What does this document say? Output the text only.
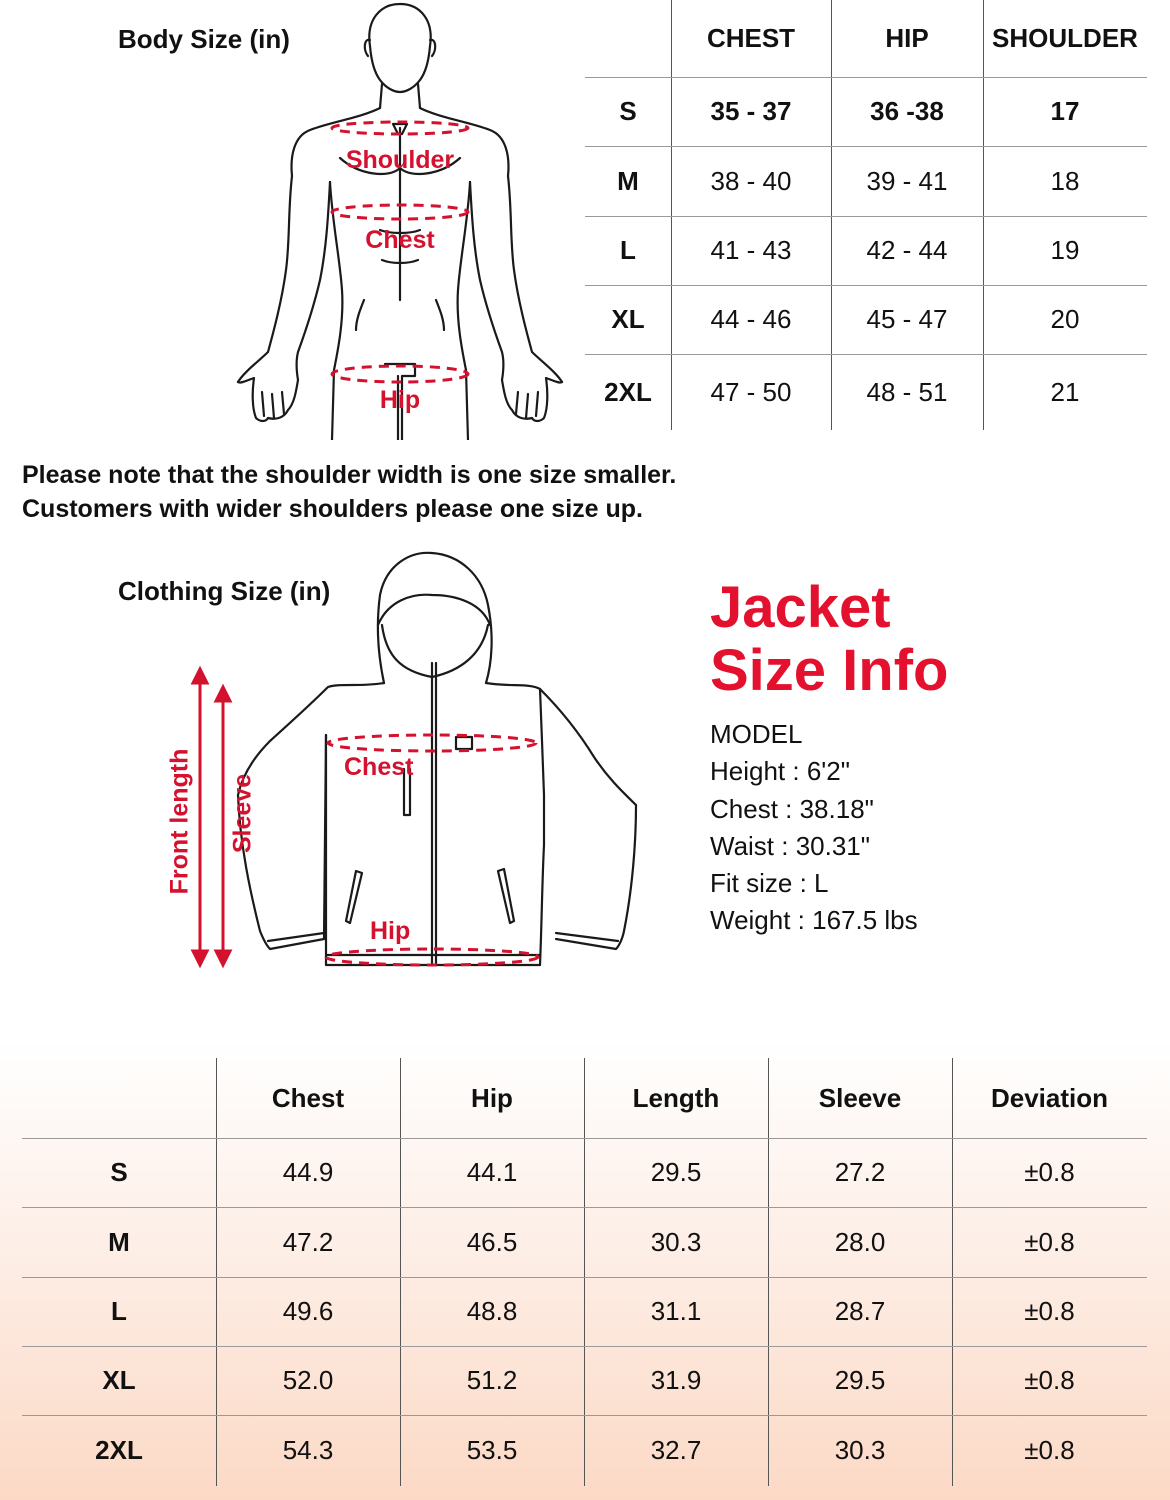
Body Size (in)
Shoulder
Chest
Hip
CHEST	HIP	SHOULDER
S	35 - 37	36 -38	17
M	38 - 40	39 - 41	18
L	41 - 43	42 - 44	19
XL	44 - 46	45 - 47	20
2XL	47 - 50	48 - 51	21
Please note that the shoulder width is one size smaller.
Customers with wider shoulders please one size up.
Clothing Size (in)
Chest
Hip
Front length Sleeve
Jacket
Size Info
MODEL
Height : 6'2"
Chest : 38.18"
Waist : 30.31"
Fit size : L
Weight : 167.5 lbs
Chest	Hip	Length	Sleeve	Deviation
S	44.9	44.1	29.5	27.2	±0.8
M	47.2	46.5	30.3	28.0	±0.8
L	49.6	48.8	31.1	28.7	±0.8
XL	52.0	51.2	31.9	29.5	±0.8
2XL	54.3	53.5	32.7	30.3	±0.8
